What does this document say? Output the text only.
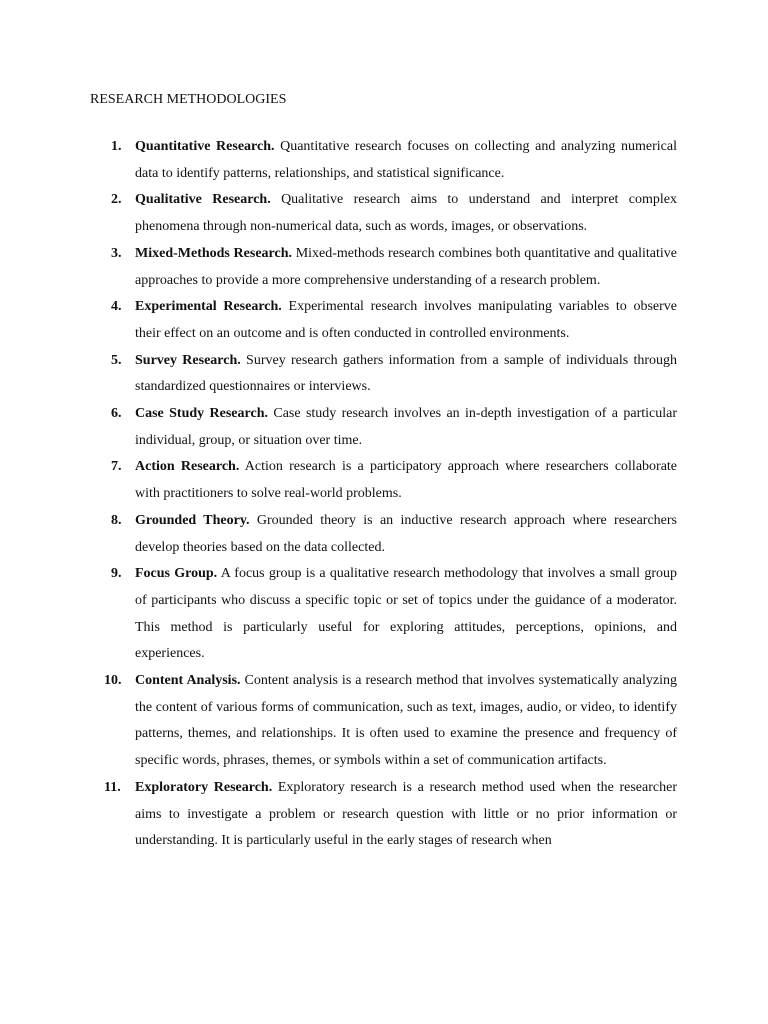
RESEARCH METHODOLOGIES
1. Quantitative Research. Quantitative research focuses on collecting and analyzing numerical data to identify patterns, relationships, and statistical significance.
2. Qualitative Research. Qualitative research aims to understand and interpret complex phenomena through non-numerical data, such as words, images, or observations.
3. Mixed-Methods Research. Mixed-methods research combines both quantitative and qualitative approaches to provide a more comprehensive understanding of a research problem.
4. Experimental Research. Experimental research involves manipulating variables to observe their effect on an outcome and is often conducted in controlled environments.
5. Survey Research. Survey research gathers information from a sample of individuals through standardized questionnaires or interviews.
6. Case Study Research. Case study research involves an in-depth investigation of a particular individual, group, or situation over time.
7. Action Research. Action research is a participatory approach where researchers collaborate with practitioners to solve real-world problems.
8. Grounded Theory. Grounded theory is an inductive research approach where researchers develop theories based on the data collected.
9. Focus Group. A focus group is a qualitative research methodology that involves a small group of participants who discuss a specific topic or set of topics under the guidance of a moderator. This method is particularly useful for exploring attitudes, perceptions, opinions, and experiences.
10. Content Analysis. Content analysis is a research method that involves systematically analyzing the content of various forms of communication, such as text, images, audio, or video, to identify patterns, themes, and relationships. It is often used to examine the presence and frequency of specific words, phrases, themes, or symbols within a set of communication artifacts.
11. Exploratory Research. Exploratory research is a research method used when the researcher aims to investigate a problem or research question with little or no prior information or understanding. It is particularly useful in the early stages of research when
